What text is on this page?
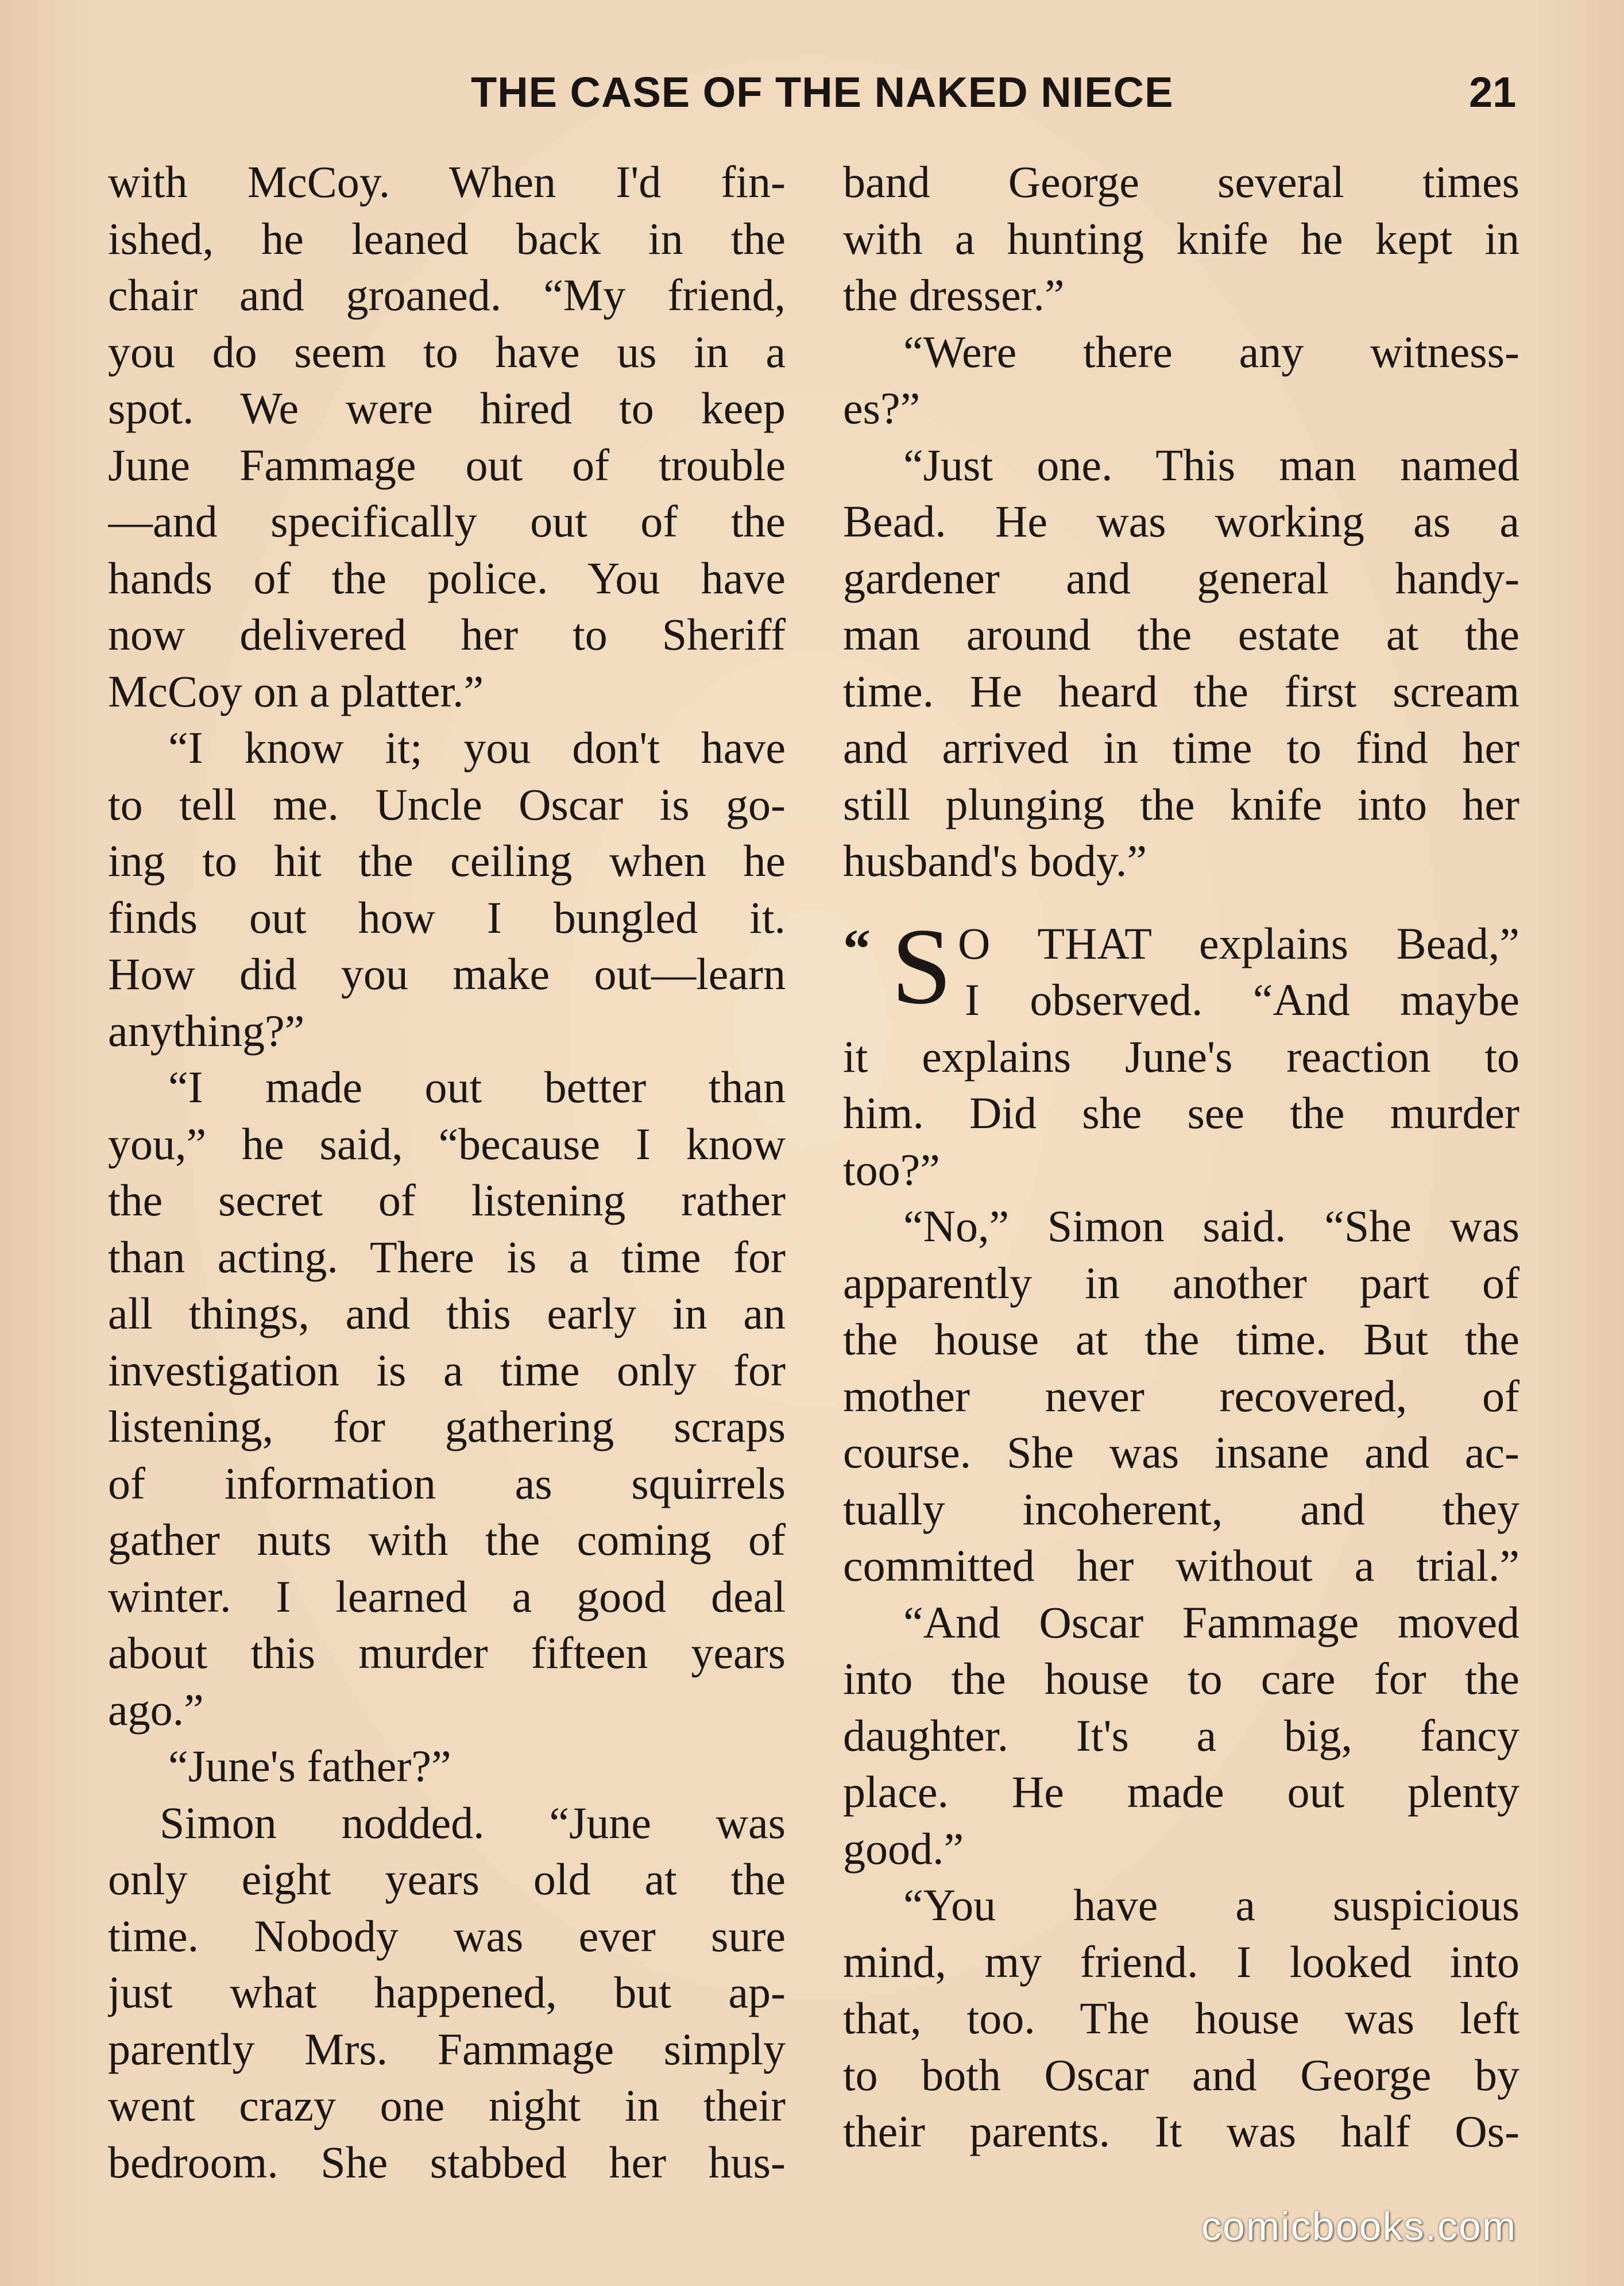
THE CASE OF THE NAKED NIECE	21
with McCoy. When I'd fin-
ished, he leaned back in the
chair and groaned. “My friend,
you do seem to have us in a
spot. We were hired to keep
June Fammage out of trouble
—and specifically out of the
hands of the police. You have
now delivered her to Sheriff
McCoy on a platter.”
“I know it; you don't have
to tell me. Uncle Oscar is go-
ing to hit the ceiling when he
finds out how I bungled it.
How did you make out—learn
anything?”
“I made out better than
you,” he said, “because I know
the secret of listening rather
than acting. There is a time for
all things, and this early in an
investigation is a time only for
listening, for gathering scraps
of information as squirrels
gather nuts with the coming of
winter. I learned a good deal
about this murder fifteen years
ago.”
“June's father?”
Simon nodded. “June was
only eight years old at the
time. Nobody was ever sure
just what happened, but ap-
parently Mrs. Fammage simply
went crazy one night in their
bedroom. She stabbed her hus-
band George several times
with a hunting knife he kept in
the dresser.”
“Were there any witness-
es?”
“Just one. This man named
Bead. He was working as a
gardener and general handy-
man around the estate at the
time. He heard the first scream
and arrived in time to find her
still plunging the knife into her
husband's body.”
“ S O THAT explains Bead,”
I observed. “And maybe
it explains June's reaction to
him. Did she see the murder
too?”
“No,” Simon said. “She was
apparently in another part of
the house at the time. But the
mother never recovered, of
course. She was insane and ac-
tually incoherent, and they
committed her without a trial.”
“And Oscar Fammage moved
into the house to care for the
daughter. It's a big, fancy
place. He made out plenty
good.”
“You have a suspicious
mind, my friend. I looked into
that, too. The house was left
to both Oscar and George by
their parents. It was half Os-
comicbooks.com
